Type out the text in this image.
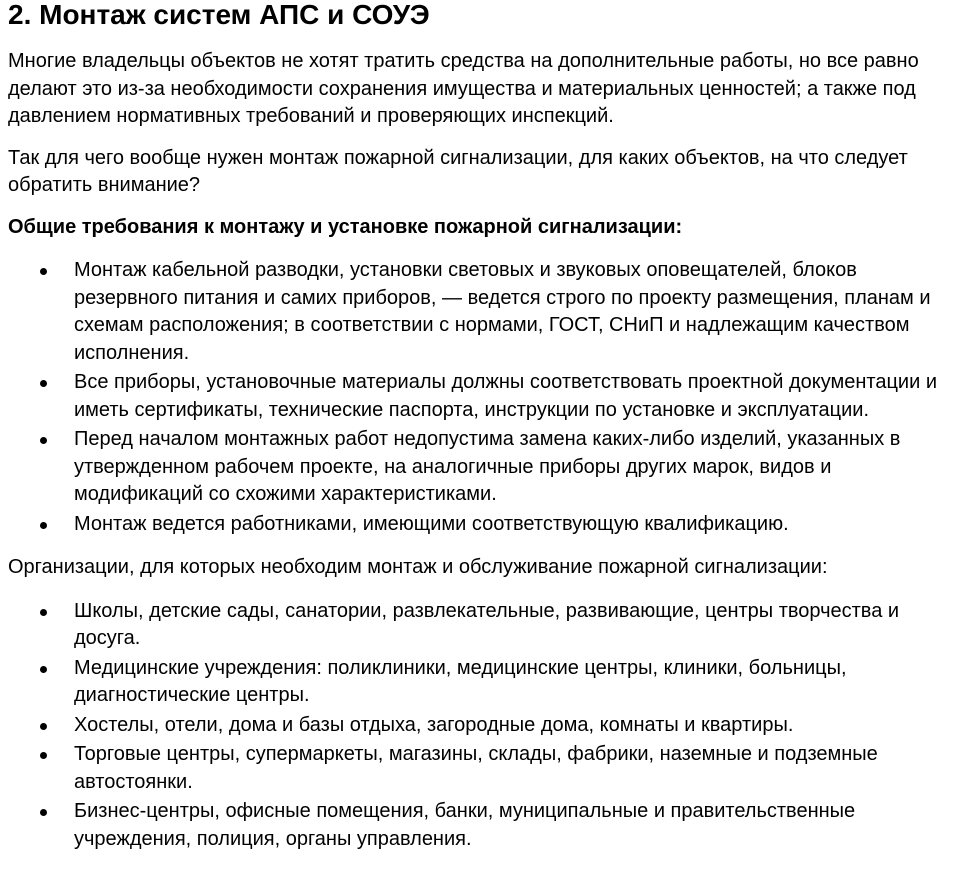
2. Монтаж систем АПС и СОУЭ

Многие владельцы объектов не хотят тратить средства на дополнительные работы, но все равно делают это из-за необходимости сохранения имущества и материальных ценностей; а также под давлением нормативных требований и проверяющих инспекций.

Так для чего вообще нужен монтаж пожарной сигнализации, для каких объектов, на что следует обратить внимание?

Общие требования к монтажу и установке пожарной сигнализации:

Монтаж кабельной разводки, установки световых и звуковых оповещателей, блоков резервного питания и самих приборов, — ведется строго по проекту размещения, планам и схемам расположения; в соответствии с нормами, ГОСТ, СНиП и надлежащим качеством исполнения.
Все приборы, установочные материалы должны соответствовать проектной документации и иметь сертификаты, технические паспорта, инструкции по установке и эксплуатации.
Перед началом монтажных работ недопустима замена каких-либо изделий, указанных в утвержденном рабочем проекте, на аналогичные приборы других марок, видов и модификаций со схожими характеристиками.
Монтаж ведется работниками, имеющими соответствующую квалификацию.

Организации, для которых необходим монтаж и обслуживание пожарной сигнализации:

Школы, детские сады, санатории, развлекательные, развивающие, центры творчества и досуга.
Медицинские учреждения: поликлиники, медицинские центры, клиники, больницы, диагностические центры.
Хостелы, отели, дома и базы отдыха, загородные дома, комнаты и квартиры.
Торговые центры, супермаркеты, магазины, склады, фабрики, наземные и подземные автостоянки.
Бизнес-центры, офисные помещения, банки, муниципальные и правительственные учреждения, полиция, органы управления.
